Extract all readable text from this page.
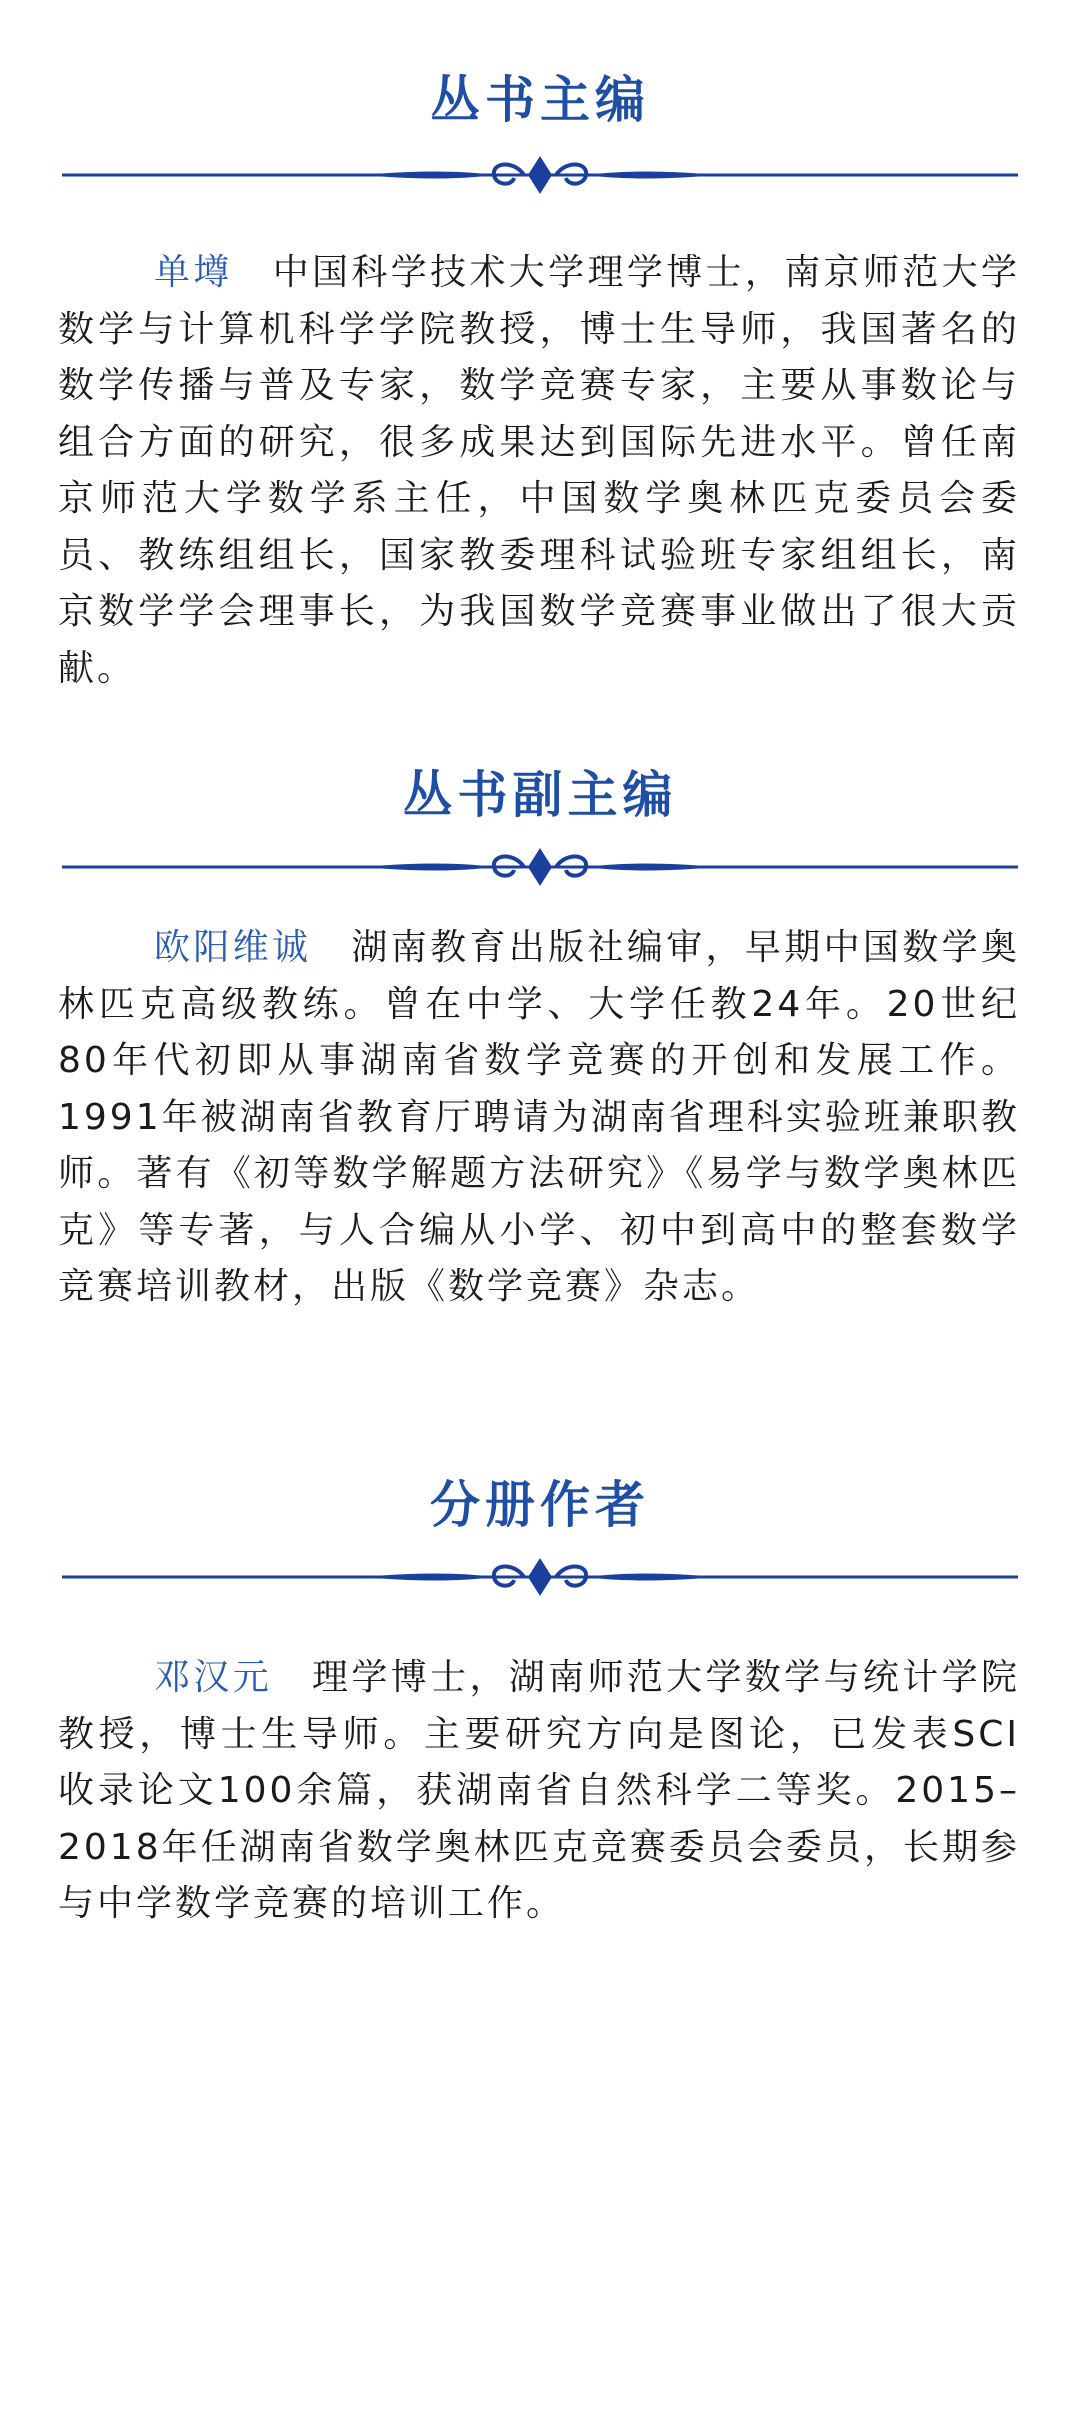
丛书主编

单墫 中国科学技术大学理学博士，南京师范大学数学与计算机科学学院教授，博士生导师，我国著名的数学传播与普及专家，数学竞赛专家，主要从事数论与组合方面的研究，很多成果达到国际先进水平。曾任南京师范大学数学系主任，中国数学奥林匹克委员会委员、教练组组长，国家教委理科试验班专家组组长，南京数学学会理事长，为我国数学竞赛事业做出了很大贡献。

丛书副主编

欧阳维诚 湖南教育出版社编审，早期中国数学奥林匹克高级教练。曾在中学、大学任教24年。20世纪80年代初即从事湖南省数学竞赛的开创和发展工作。1991年被湖南省教育厅聘请为湖南省理科实验班兼职教师。著有《初等数学解题方法研究》《易学与数学奥林匹克》等专著，与人合编从小学、初中到高中的整套数学竞赛培训教材，出版《数学竞赛》杂志。

分册作者

邓汉元 理学博士，湖南师范大学数学与统计学院教授，博士生导师。主要研究方向是图论，已发表SCI收录论文100余篇，获湖南省自然科学二等奖。2015–2018年任湖南省数学奥林匹克竞赛委员会委员，长期参与中学数学竞赛的培训工作。
